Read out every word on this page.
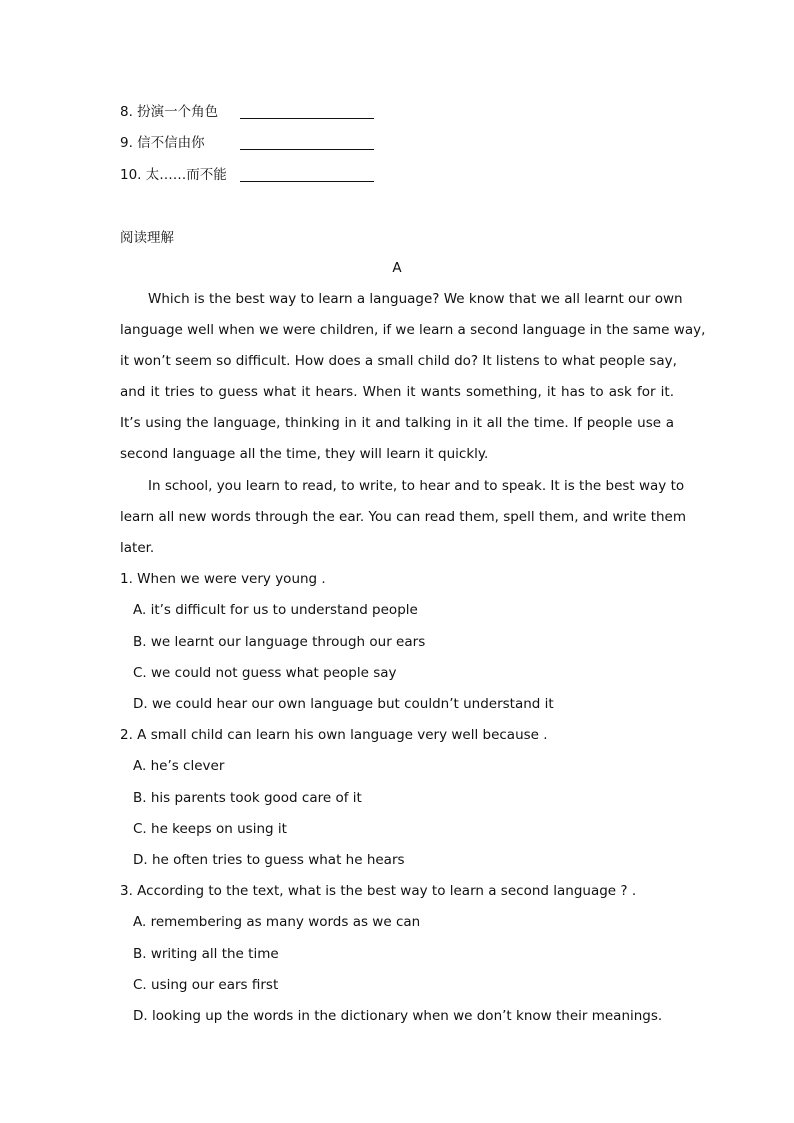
8. 扮演一个角色
9. 信不信由你
10. 太……而不能
阅读理解
A
Which is the best way to learn a language? We know that we all learnt our own
language well when we were children, if we learn a second language in the same way,
it won’t seem so difficult. How does a small child do? It listens to what people say,
and it tries to guess what it hears. When it wants something, it has to ask for it.
It’s using the language, thinking in it and talking in it all the time. If people use a
second language all the time, they will learn it quickly.
In school, you learn to read, to write, to hear and to speak. It is the best way to
learn all new words through the ear. You can read them, spell them, and write them
later.
1. When we were very young .
A. it’s difficult for us to understand people
B. we learnt our language through our ears
C. we could not guess what people say
D. we could hear our own language but couldn’t understand it
2. A small child can learn his own language very well because .
A. he’s clever
B. his parents took good care of it
C. he keeps on using it
D. he often tries to guess what he hears
3. According to the text, what is the best way to learn a second language ? .
A. remembering as many words as we can
B. writing all the time
C. using our ears first
D. looking up the words in the dictionary when we don’t know their meanings.
